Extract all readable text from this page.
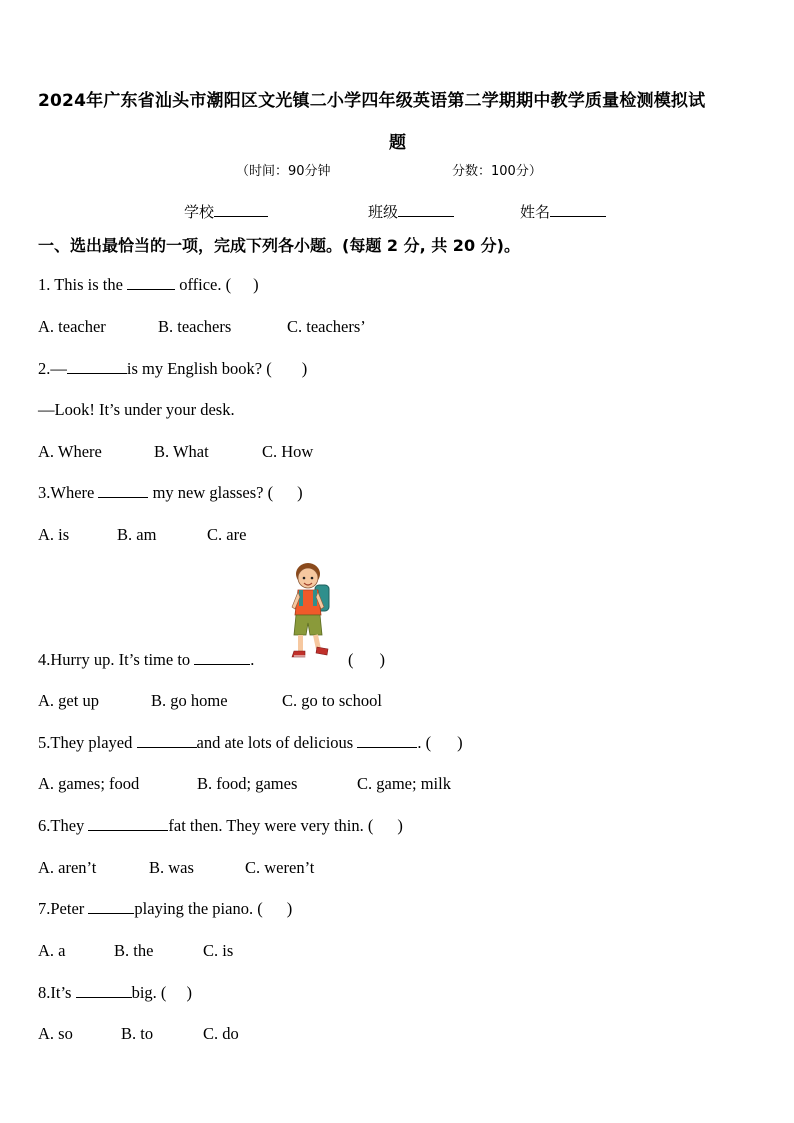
2024年广东省汕头市潮阳区文光镇二小学四年级英语第二学期期中教学质量检测模拟试
题
（时间：90分钟	分数：100分）
学校	班级	姓名
一、选出最恰当的一项，完成下列各小题。(每题 2 分, 共 20 分)。
1. This is the	office. ( )
A. teacher	B. teachers	C. teachers’
2.—	is my English book? ( )
—Look! It’s under your desk.
A. Where	B. What	C. How
3.Where	my new glasses? ( )
A. is	B. am	C. are
4.Hurry up. It’s time to	.	( )
A. get up	B. go home	C. go to school
5.They played	and ate lots of delicious	. ( )
A. games; food	B. food; games	C. game; milk
6.They	fat then. They were very thin. ( )
A. aren’t	B. was	C. weren’t
7.Peter	playing the piano. ( )
A. a	B. the	C. is
8.It’s	big. ( )
A. so	B. to	C. do
